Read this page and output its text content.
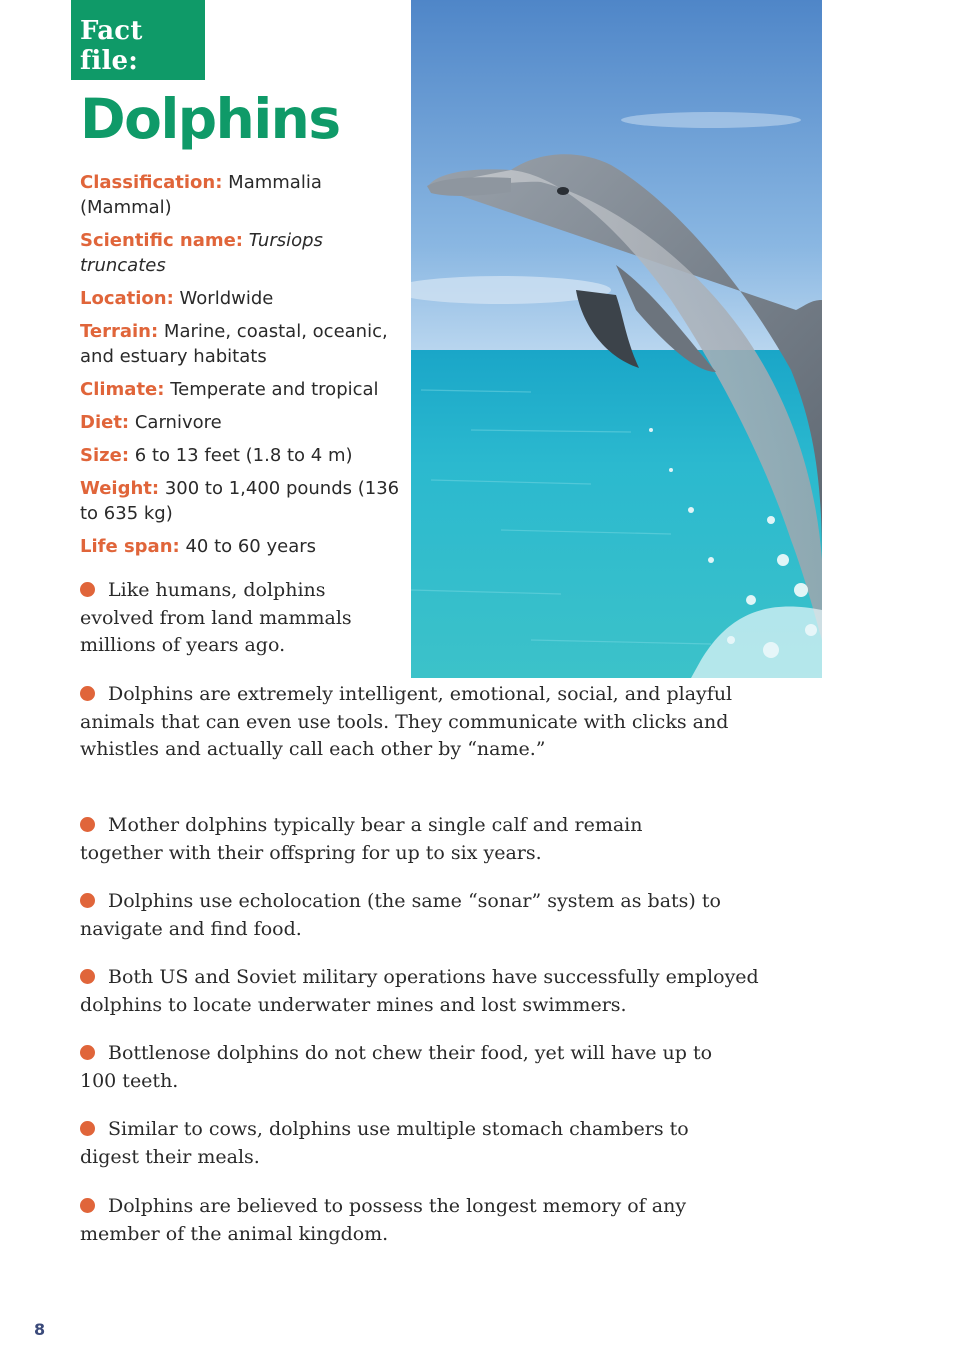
Fact file:
Dolphins

Classification: Mammalia (Mammal)

Scientific name: Tursiops truncates

Location: Worldwide

Terrain: Marine, coastal, oceanic, and estuary habitats

Climate: Temperate and tropical

Diet: Carnivore

Size: 6 to 13 feet (1.8 to 4 m)

Weight: 300 to 1,400 pounds (136 to 635 kg)

Life span: 40 to 60 years

Like humans, dolphins evolved from land mammals millions of years ago.

Dolphins are extremely intelligent, emotional, social, and playful animals that can even use tools. They communicate with clicks and whistles and actually call each other by “name.”

Mother dolphins typically bear a single calf and remain together with their offspring for up to six years.

Dolphins use echolocation (the same “sonar” system as bats) to navigate and find food.

Both US and Soviet military operations have successfully employed dolphins to locate underwater mines and lost swimmers.

Bottlenose dolphins do not chew their food, yet will have up to 100 teeth.

Similar to cows, dolphins use multiple stomach chambers to digest their meals.

Dolphins are believed to possess the longest memory of any member of the animal kingdom.

8
